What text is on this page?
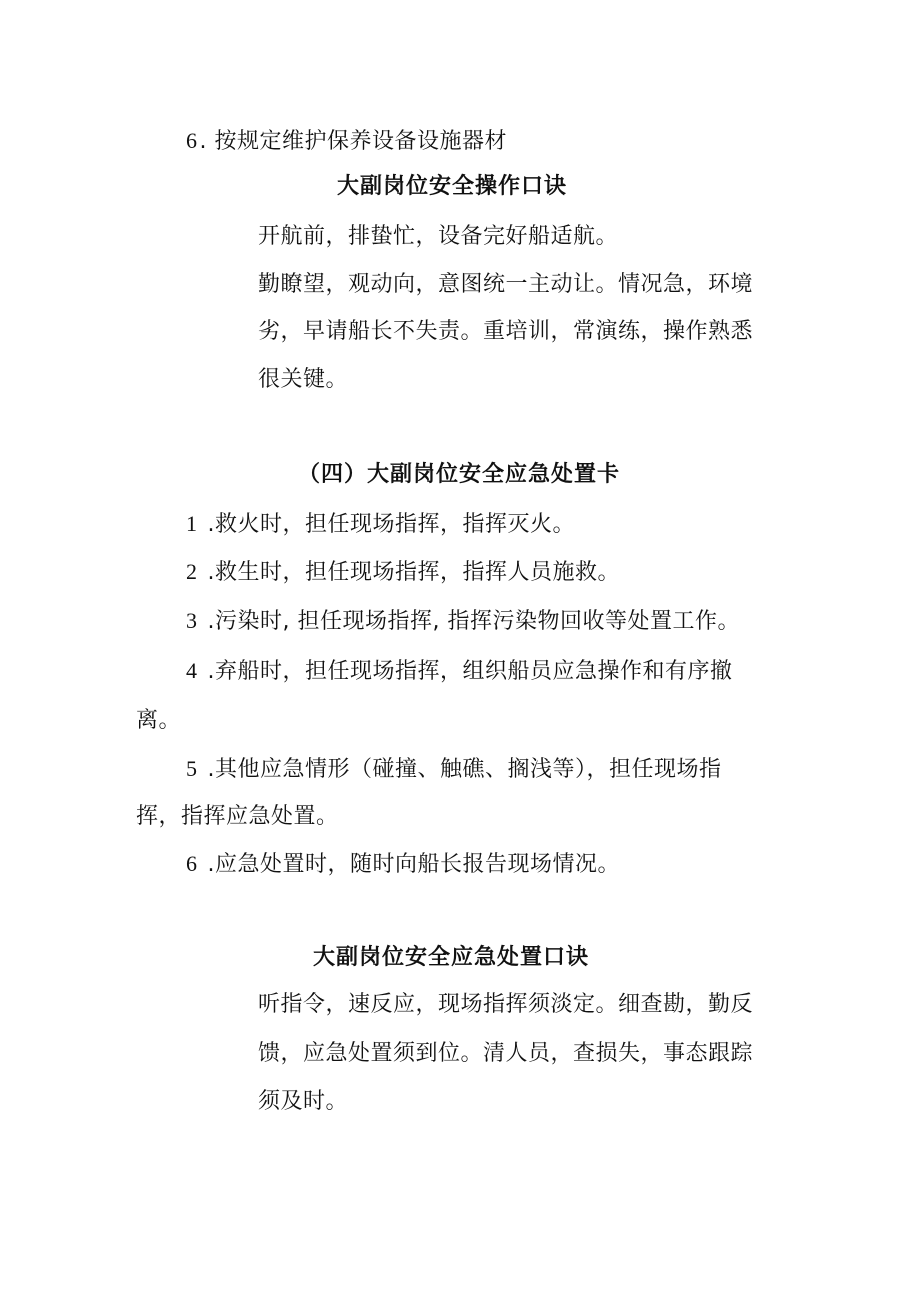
6. 按规定维护保养设备设施器材
大副岗位安全操作口诀
开航前，排蛰忙，设备完好船适航。
勤瞭望，观动向，意图统一主动让。情况急，环境
劣，早请船长不失责。重培训，常演练，操作熟悉
很关键。
（四）大副岗位安全应急处置卡
1 .救火时，担任现场指挥，指挥灭火。
2 .救生时，担任现场指挥，指挥人员施救。
3 .污染时, 担任现场指挥, 指挥污染物回收等处置工作。
4 .弃船时，担任现场指挥，组织船员应急操作和有序撤
离。
5 .其他应急情形（碰撞、触礁、搁浅等），担任现场指
挥，指挥应急处置。
6 .应急处置时，随时向船长报告现场情况。
大副岗位安全应急处置口诀
听指令，速反应，现场指挥须淡定。细查勘，勤反
馈，应急处置须到位。清人员，查损失，事态跟踪
须及时。
